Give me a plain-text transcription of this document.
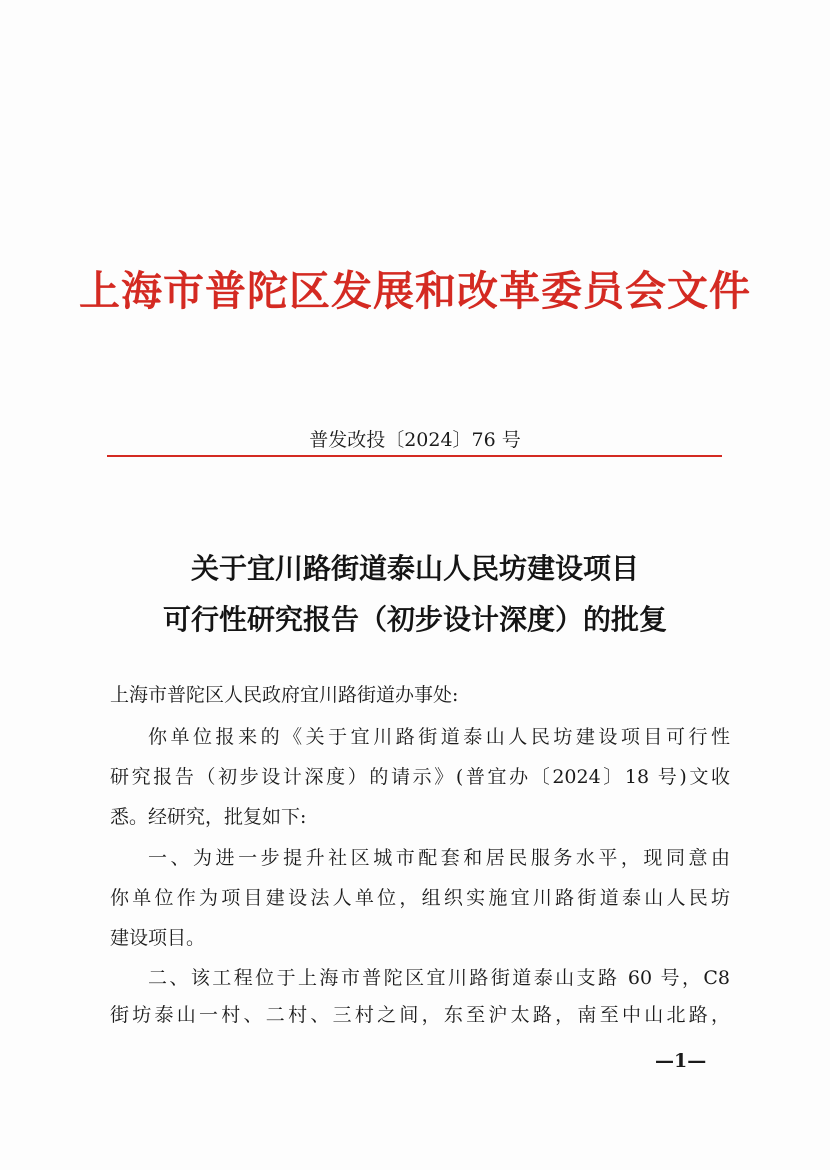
上海市普陀区发展和改革委员会文件
普发改投〔2024〕76 号
关于宜川路街道泰山人民坊建设项目
可行性研究报告（初步设计深度）的批复
上海市普陀区人民政府宜川路街道办事处:
你单位报来的《关于宜川路街道泰山人民坊建设项目可行性
研究报告（初步设计深度）的请示》(普宜办〔2024〕18 号)文收
悉。经研究，批复如下:
一、为进一步提升社区城市配套和居民服务水平，现同意由
你单位作为项目建设法人单位，组织实施宜川路街道泰山人民坊
建设项目。
二、该工程位于上海市普陀区宜川路街道泰山支路 60 号，C8
街坊泰山一村、二村、三村之间，东至沪太路，南至中山北路，
—1—
